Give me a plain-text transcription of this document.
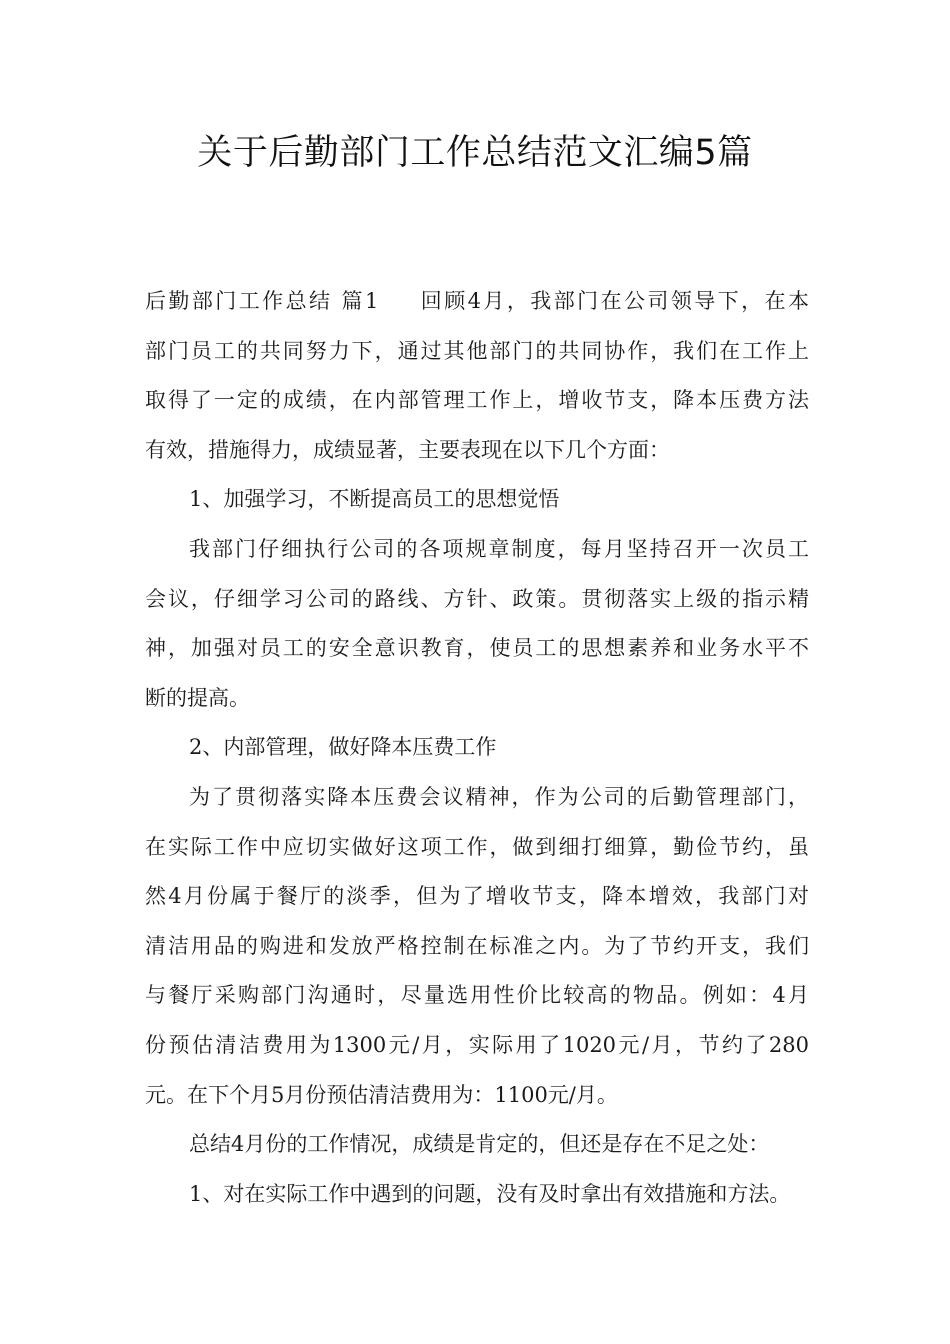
关于后勤部门工作总结范文汇编5篇
后勤部门工作总结 篇1 回顾4月，我部门在公司领导下，在本
部门员工的共同努力下，通过其他部门的共同协作，我们在工作上
取得了一定的成绩，在内部管理工作上，增收节支，降本压费方法
有效，措施得力，成绩显著，主要表现在以下几个方面：
1、加强学习，不断提高员工的思想觉悟
我部门仔细执行公司的各项规章制度，每月坚持召开一次员工
会议，仔细学习公司的路线、方针、政策。贯彻落实上级的指示精
神，加强对员工的安全意识教育，使员工的思想素养和业务水平不
断的提高。
2、内部管理，做好降本压费工作
为了贯彻落实降本压费会议精神，作为公司的后勤管理部门，
在实际工作中应切实做好这项工作，做到细打细算，勤俭节约，虽
然4月份属于餐厅的淡季，但为了增收节支，降本增效，我部门对
清洁用品的购进和发放严格控制在标准之内。为了节约开支，我们
与餐厅采购部门沟通时，尽量选用性价比较高的物品。例如：4月
份预估清洁费用为1300元/月，实际用了1020元/月，节约了280
元。在下个月5月份预估清洁费用为：1100元/月。
总结4月份的工作情况，成绩是肯定的，但还是存在不足之处：
1、对在实际工作中遇到的问题，没有及时拿出有效措施和方法。
